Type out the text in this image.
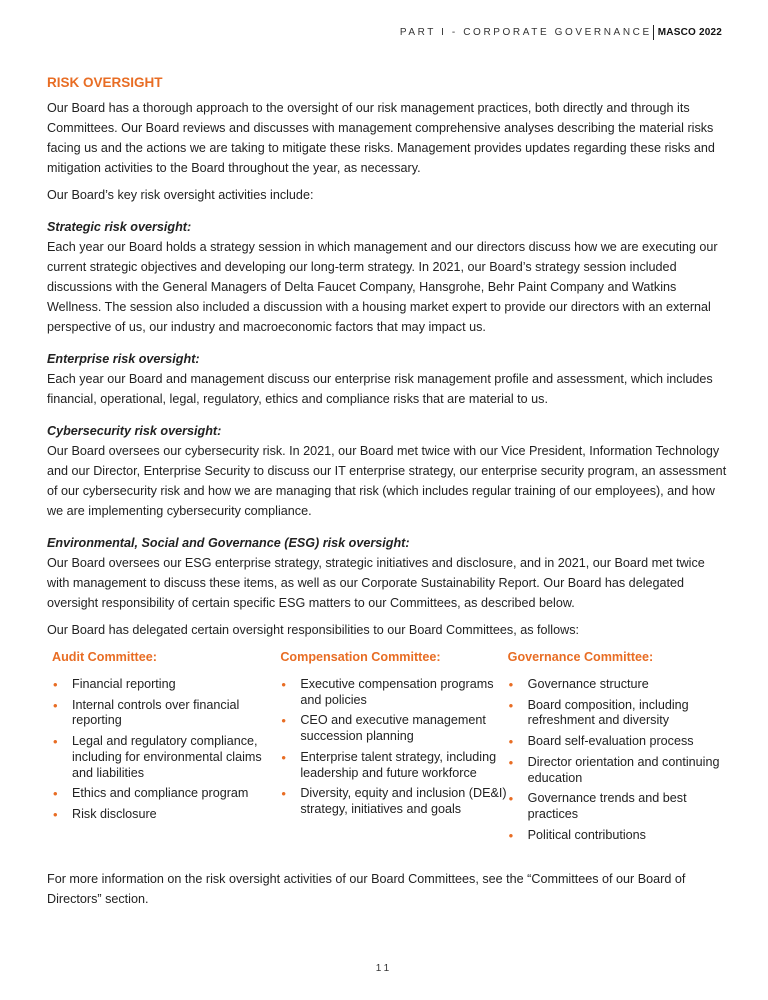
PART I - CORPORATE GOVERNANCE MASCO 2022
RISK OVERSIGHT

Our Board has a thorough approach to the oversight of our risk management practices, both directly and through its Committees. Our Board reviews and discusses with management comprehensive analyses describing the material risks facing us and the actions we are taking to mitigate these risks. Management provides updates regarding these risks and mitigation activities to the Board throughout the year, as necessary.

Our Board’s key risk oversight activities include:

Strategic risk oversight:

Each year our Board holds a strategy session in which management and our directors discuss how we are executing our current strategic objectives and developing our long-term strategy. In 2021, our Board’s strategy session included discussions with the General Managers of Delta Faucet Company, Hansgrohe, Behr Paint Company and Watkins Wellness. The session also included a discussion with a housing market expert to provide our directors with an external perspective of us, our industry and macroeconomic factors that may impact us.

Enterprise risk oversight:

Each year our Board and management discuss our enterprise risk management profile and assessment, which includes financial, operational, legal, regulatory, ethics and compliance risks that are material to us.

Cybersecurity risk oversight:

Our Board oversees our cybersecurity risk. In 2021, our Board met twice with our Vice President, Information Technology and our Director, Enterprise Security to discuss our IT enterprise strategy, our enterprise security program, an assessment of our cybersecurity risk and how we are managing that risk (which includes regular training of our employees), and how we are implementing cybersecurity compliance.

Environmental, Social and Governance (ESG) risk oversight:

Our Board oversees our ESG enterprise strategy, strategic initiatives and disclosure, and in 2021, our Board met twice with management to discuss these items, as well as our Corporate Sustainability Report. Our Board has delegated oversight responsibility of certain specific ESG matters to our Committees, as described below.

Our Board has delegated certain oversight responsibilities to our Board Committees, as follows:

Audit Committee:
• Financial reporting
• Internal controls over financial reporting
• Legal and regulatory compliance, including for environmental claims and liabilities
• Ethics and compliance program
• Risk disclosure
Compensation Committee:
• Executive compensation programs and policies
• CEO and executive management succession planning
• Enterprise talent strategy, including leadership and future workforce
• Diversity, equity and inclusion (DE&I) strategy, initiatives and goals
Governance Committee:
• Governance structure
• Board composition, including refreshment and diversity
• Board self-evaluation process
• Director orientation and continuing education
• Governance trends and best practices
• Political contributions

For more information on the risk oversight activities of our Board Committees, see the “Committees of our Board of Directors” section.

11
